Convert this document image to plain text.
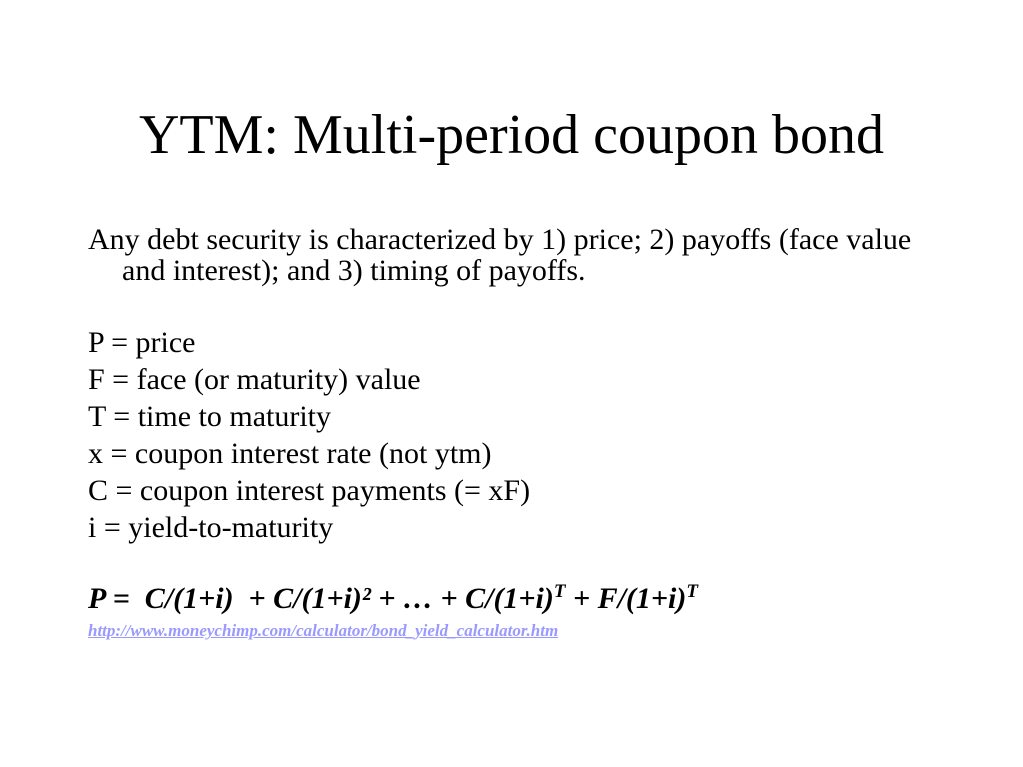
YTM: Multi-period coupon bond

Any debt security is characterized by 1) price; 2) payoffs (face value and interest); and 3) timing of payoffs.

P = price

F = face (or maturity) value

T = time to maturity

x = coupon interest rate (not ytm)

C = coupon interest payments (= xF)

i = yield-to-maturity

P =  C/(1+i)  + C/(1+i)² + … + $C/(1+i)^T + F/(1+i)^T$

http://www.moneychimp.com/calculator/bond_yield_calculator.htm
